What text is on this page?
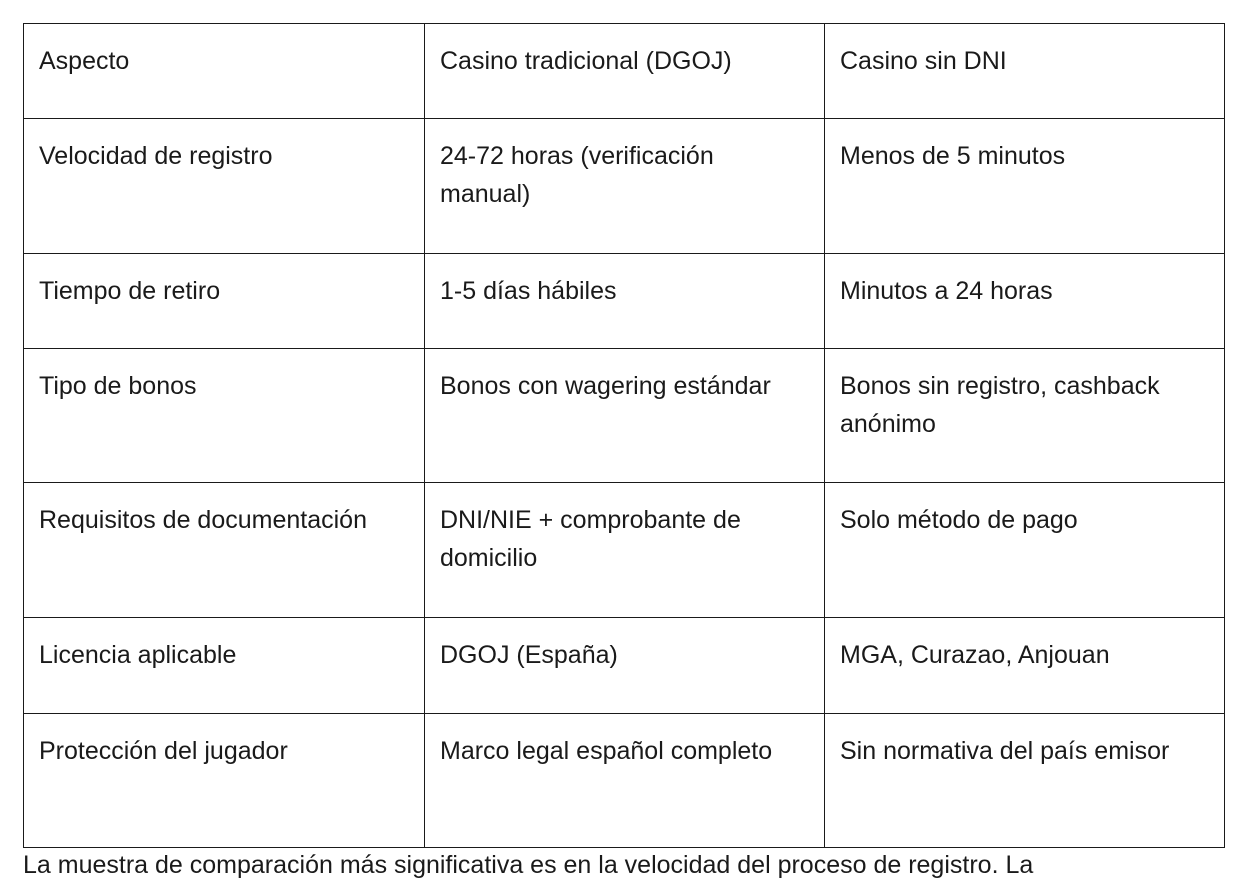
Aspecto	Casino tradicional (DGOJ)	Casino sin DNI
Velocidad de registro	24-72 horas (verificación manual)	Menos de 5 minutos
Tiempo de retiro	1-5 días hábiles	Minutos a 24 horas
Tipo de bonos	Bonos con wagering estándar	Bonos sin registro, cashback anónimo
Requisitos de documentación	DNI/NIE + comprobante de domicilio	Solo método de pago
Licencia aplicable	DGOJ (España)	MGA, Curazao, Anjouan
Protección del jugador	Marco legal español completo	Sin normativa del país emisor
La muestra de comparación más significativa es en la velocidad del proceso de registro. La
